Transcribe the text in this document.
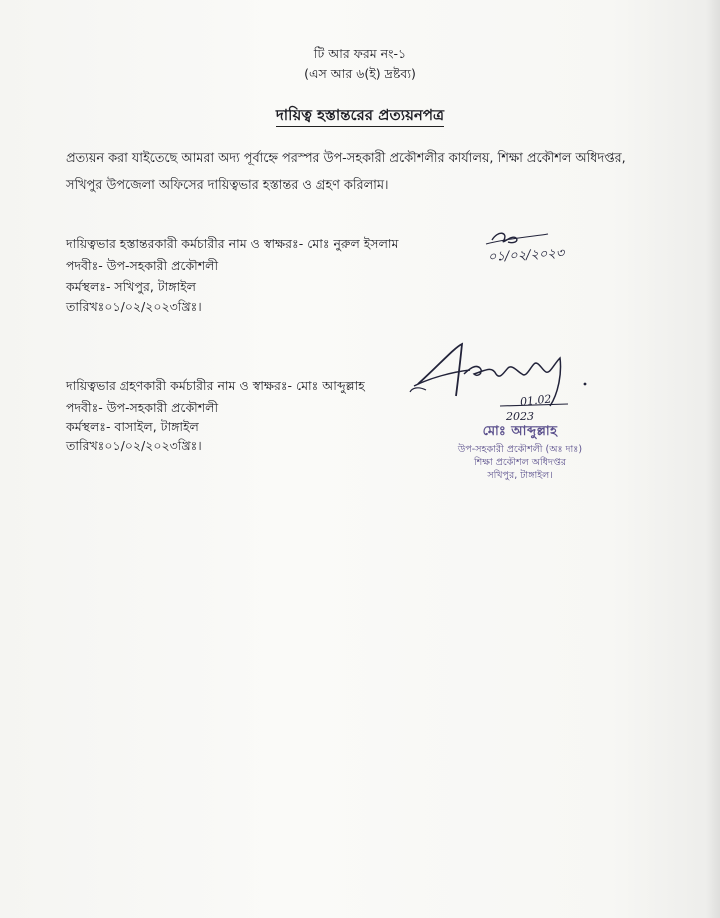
টি আর ফরম নং-১
(এস আর ৬(ই) দ্রষ্টব্য)
দায়িত্ব হস্তান্তরের প্রত্যয়নপত্র
প্রত্যয়ন করা যাইতেছে আমরা অদ্য পূর্বাহ্নে পরস্পর উপ-সহকারী প্রকৌশলীর কার্যালয়, শিক্ষা প্রকৌশল অধিদপ্তর,
সখিপুর উপজেলা অফিসের দায়িত্বভার হস্তান্তর ও গ্রহণ করিলাম।
দায়িত্বভার হস্তান্তরকারী কর্মচারীর নাম ও স্বাক্ষরঃ- মোঃ নুরুল ইসলাম
পদবীঃ- উপ-সহকারী প্রকৌশলী
কর্মস্থলঃ- সখিপুর, টাঙ্গাইল
তারিখঃ০১/০২/২০২৩খ্রিঃ।
০১/০২/২০২৩
দায়িত্বভার গ্রহণকারী কর্মচারীর নাম ও স্বাক্ষরঃ- মোঃ আব্দুল্লাহ
পদবীঃ- উপ-সহকারী প্রকৌশলী
কর্মস্থলঃ- বাসাইল, টাঙ্গাইল
তারিখঃ০১/০২/২০২৩খ্রিঃ।
01.02
2023
মোঃ আব্দুল্লাহ
উপ-সহকারী প্রকৌশলী (অঃ দাঃ)
শিক্ষা প্রকৌশল অধিদপ্তর
সখিপুর, টাঙ্গাইল।
